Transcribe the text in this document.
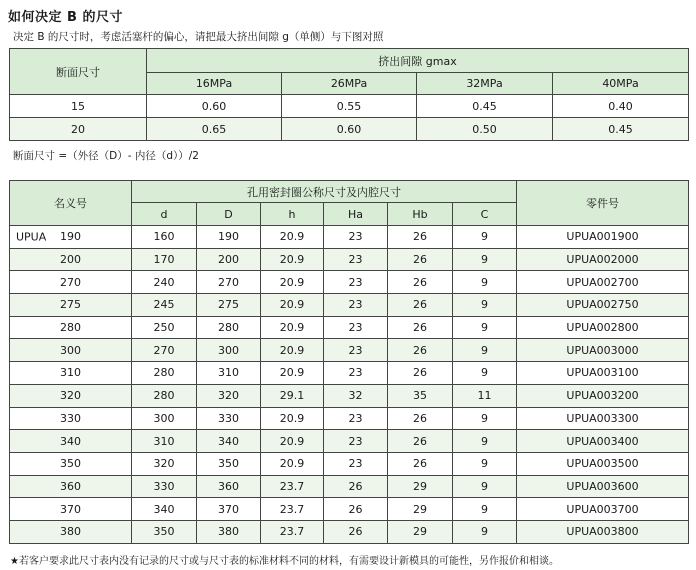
如何决定 B 的尺寸
决定 B 的尺寸时，考虑活塞杆的偏心，请把最大挤出间隙 g（单侧）与下图对照
断面尺寸	挤出间隙 gmax			
	16MPa	26MPa	32MPa	40MPa
15	0.60	0.55	0.45	0.40
20	0.65	0.60	0.50	0.45
断面尺寸 =（外径（D）- 内径（d））/2
名义号	孔用密封圈公称尺寸及内腔尺寸						零件号
	d	D	h	Ha	Hb	C	

UPUA 190	160	190	20.9	23	26	9	UPUA001900
200	170	200	20.9	23	26	9	UPUA002000
270	240	270	20.9	23	26	9	UPUA002700
275	245	275	20.9	23	26	9	UPUA002750
280	250	280	20.9	23	26	9	UPUA002800
300	270	300	20.9	23	26	9	UPUA003000
310	280	310	20.9	23	26	9	UPUA003100
320	280	320	29.1	32	35	11	UPUA003200
330	300	330	20.9	23	26	9	UPUA003300
340	310	340	20.9	23	26	9	UPUA003400
350	320	350	20.9	23	26	9	UPUA003500
360	330	360	23.7	26	29	9	UPUA003600
370	340	370	23.7	26	29	9	UPUA003700
380	350	380	23.7	26	29	9	UPUA003800
★若客户要求此尺寸表内没有记录的尺寸或与尺寸表的标准材料不同的材料，有需要设计新模具的可能性，另作报价和相谈。
